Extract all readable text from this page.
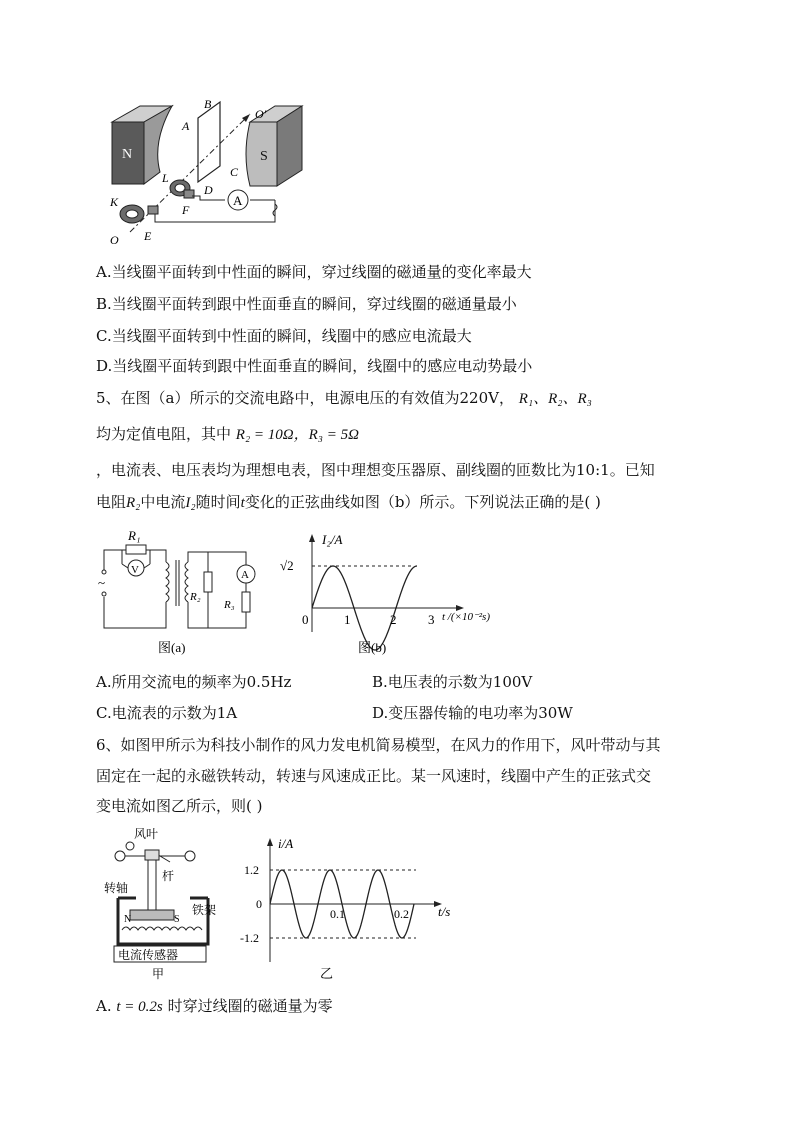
N	S
A
A
B
C
D
E
F
K
L
O
O′
A.当线圈平面转到中性面的瞬间，穿过线圈的磁通量的变化率最大
B.当线圈平面转到跟中性面垂直的瞬间，穿过线圈的磁通量最小
C.当线圈平面转到中性面的瞬间，线圈中的感应电流最大
D.当线圈平面转到跟中性面垂直的瞬间，线圈中的感应电动势最小
5、在图（a）所示的交流电路中，电源电压的有效值为220V， R₁、R₂、R₃
均为定值电阻，其中 R₂ = 10Ω，R₃ = 5Ω
，电流表、电压表均为理想电表，图中理想变压器原、副线圈的匝数比为10:1。已知
电阻R₂中电流I₂随时间t变化的正弦曲线如图（b）所示。下列说法正确的是( )
R₁
V
~
R₂
A
R₃
图(a)
I₂/A
√2
0	1	2 3 t /(×10⁻²s)
图(b)
A.所用交流电的频率为0.5Hz	B.电压表的示数为100V
C.电流表的示数为1A	D.变压器传输的电功率为30W
6、如图甲所示为科技小制作的风力发电机简易模型，在风力的作用下，风叶带动与其
固定在一起的永磁铁转动，转速与风速成正比。某一风速时，线圈中产生的正弦式交
变电流如图乙所示，则( )
风叶
杆
转轴
铁架
N	S
电流传感器
甲
i/A
1.2
0
-1.2
0.1	0.2 t/s
乙
A. t = 0.2s 时穿过线圈的磁通量为零
